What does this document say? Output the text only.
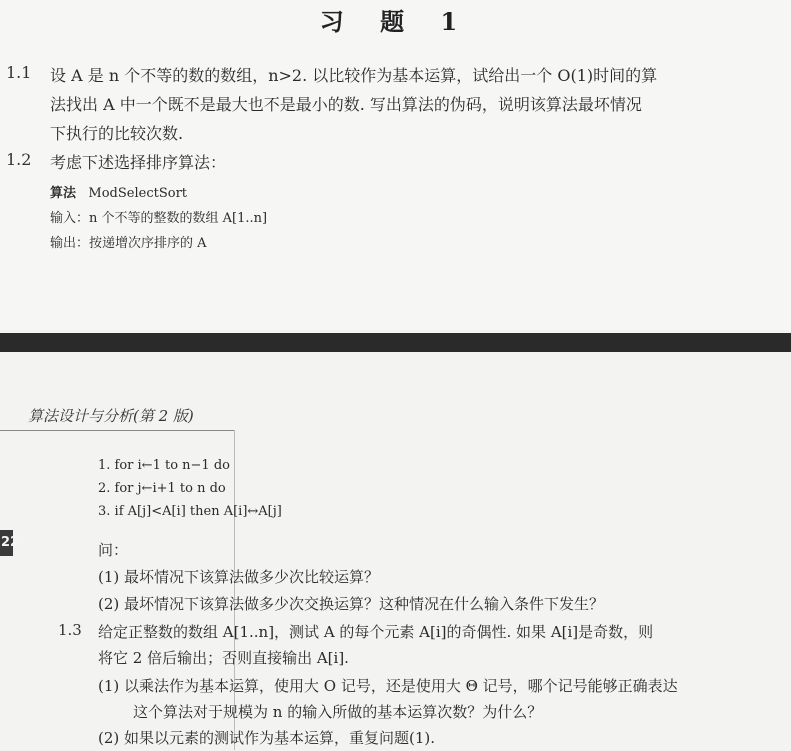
习 题 1
1.1 设 A 是 n 个不等的数的数组，n>2. 以比较作为基本运算，试给出一个 O(1)时间的算
法找出 A 中一个既不是最大也不是最小的数. 写出算法的伪码，说明该算法最坏情况
下执行的比较次数.
1.2 考虑下述选择排序算法：
算法 ModSelectSort
输入：n 个不等的整数的数组 A[1..n]
输出：按递增次序排序的 A
算法设计与分析(第 2 版)
22
1. for i←1 to n−1 do
2. for j←i+1 to n do
3. if A[j]<A[i] then A[i]↔A[j]
问：
(1) 最坏情况下该算法做多少次比较运算？
(2) 最坏情况下该算法做多少次交换运算？这种情况在什么输入条件下发生？
1.3 给定正整数的数组 A[1..n]，测试 A 的每个元素 A[i]的奇偶性. 如果 A[i]是奇数，则
将它 2 倍后输出；否则直接输出 A[i].
(1) 以乘法作为基本运算，使用大 O 记号，还是使用大 Θ 记号，哪个记号能够正确表达
这个算法对于规模为 n 的输入所做的基本运算次数？为什么？
(2) 如果以元素的测试作为基本运算，重复问题(1).
